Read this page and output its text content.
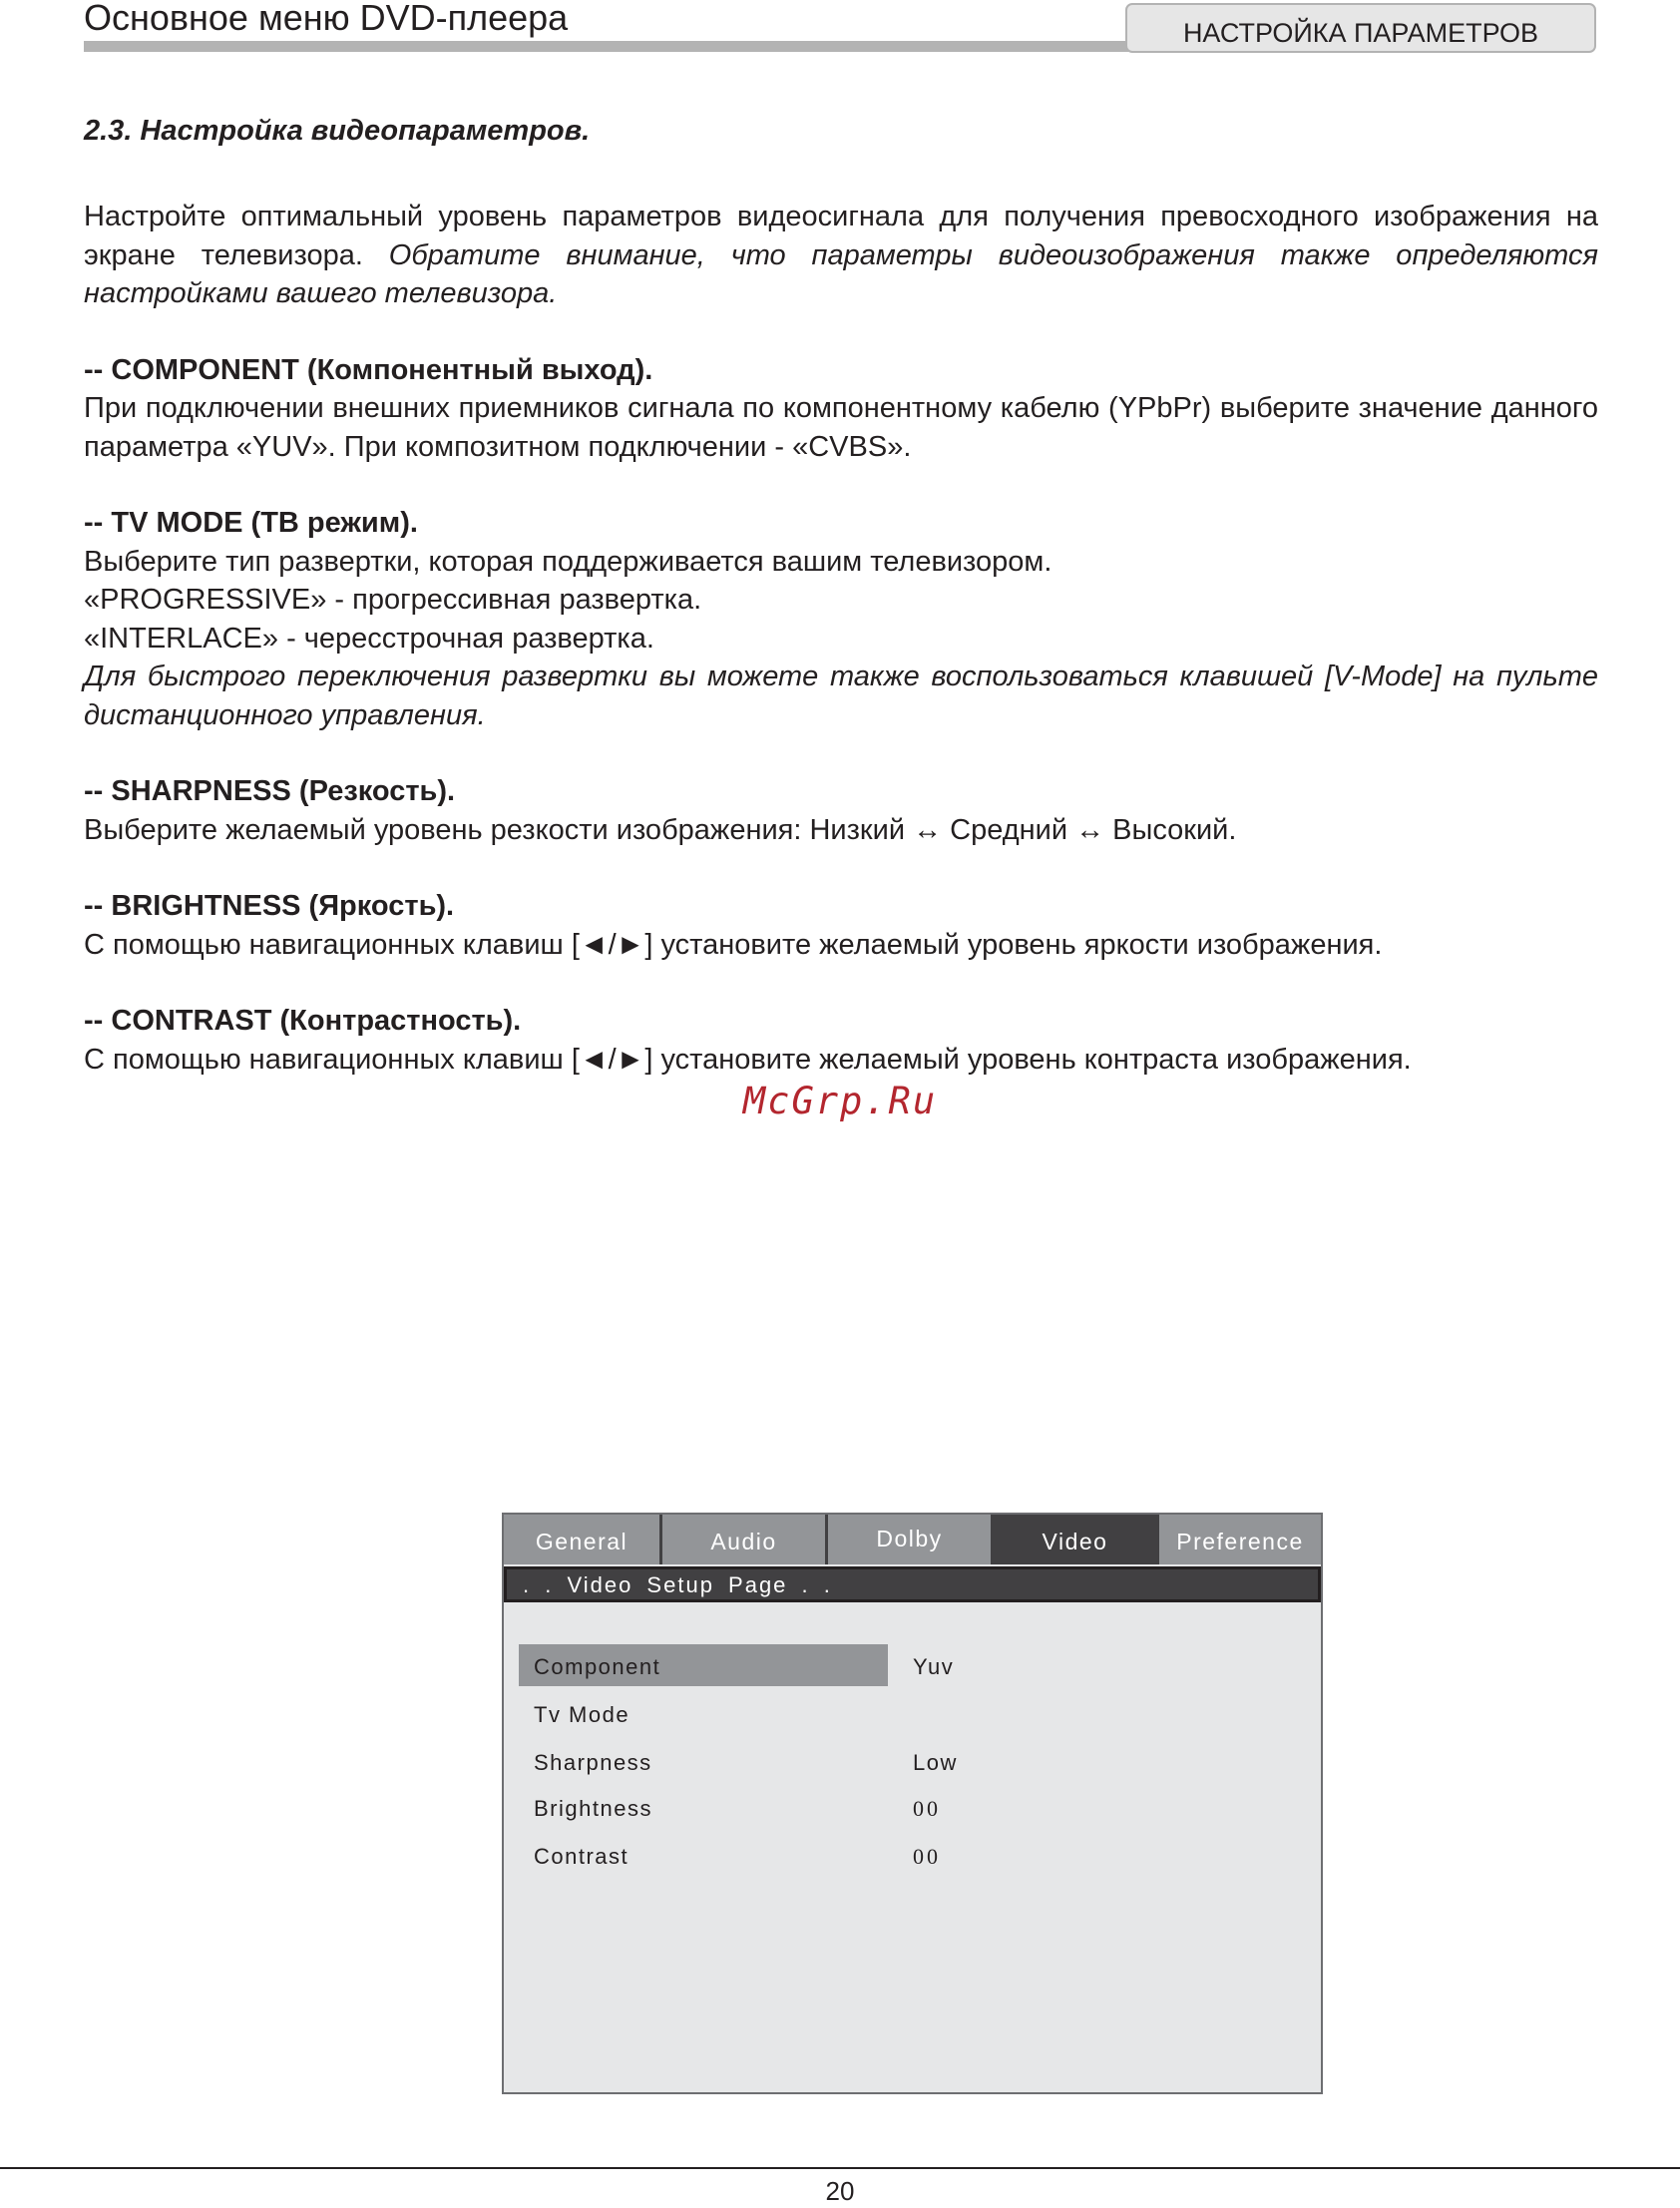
Основное меню DVD-плеера	НАСТРОЙКА ПАРАМЕТРОВ
2.3. Настройка видеопараметров.
Настройте оптимальный уровень параметров видеосигнала для получения превосходного изображения на экране телевизора. Обратите внимание, что параметры видеоизображения также определяются настройками вашего телевизора.

-- COMPONENT (Компонентный выход).

При подключении внешних приемников сигнала по компонентному кабелю (YPbPr) выберите значение данного параметра «YUV». При композитном подключении - «CVBS».

-- TV MODE (ТВ режим).

Выберите тип развертки, которая поддерживается вашим телевизором.

«PROGRESSIVE» - прогрессивная развертка.

«INTERLACE» - чересстрочная развертка.

Для быстрого переключения развертки вы можете также воспользоваться клавишей [V-Mode] на пульте дистанционного управления.

-- SHARPNESS (Резкость).

Выберите желаемый уровень резкости изображения: Низкий ↔ Средний ↔ Высокий.

-- BRIGHTNESS (Яркость).

С помощью навигационных клавиш [◄/►] установите желаемый уровень яркости изображения.

-- CONTRAST (Контрастность).

С помощью навигационных клавиш [◄/►] установите желаемый уровень контраста изображения.

McGrp.Ru
General	Audio	Dolby	Video	Preference
. . Video Setup Page . .
Component	Yuv
Tv Mode
Sharpness	Low
Brightness	00
Contrast	00
20
